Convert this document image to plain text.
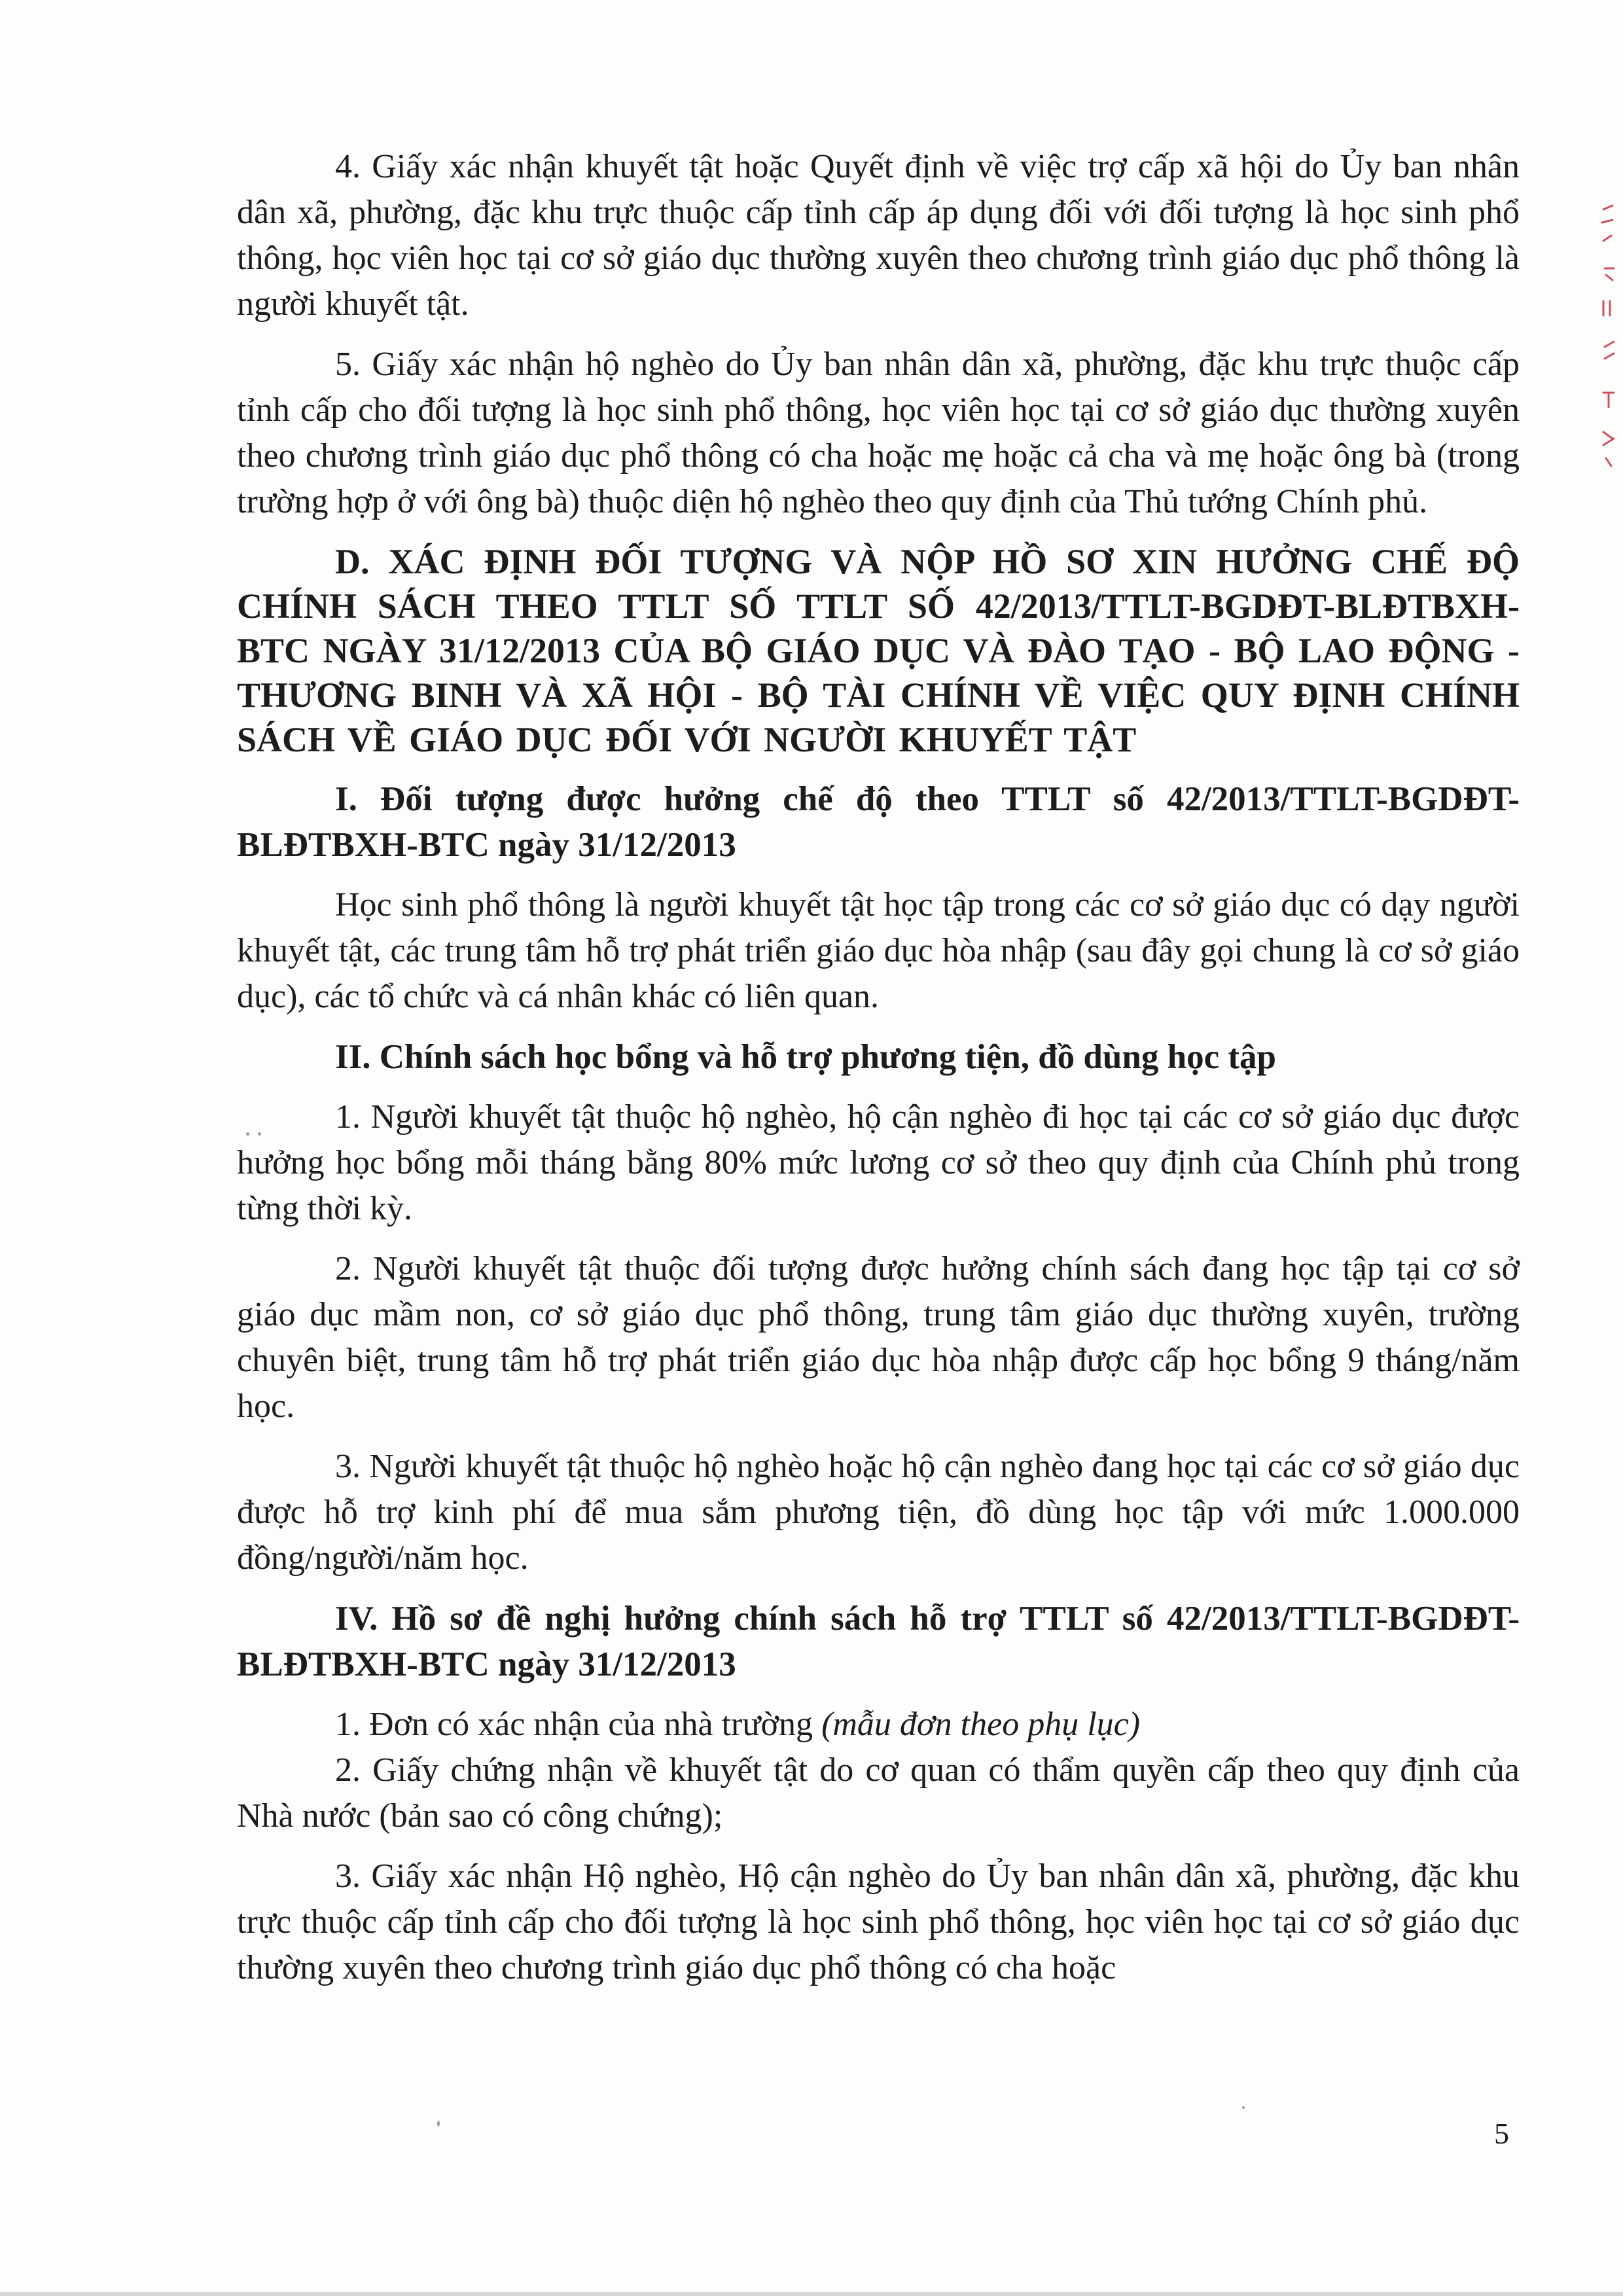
4. Giấy xác nhận khuyết tật hoặc Quyết định về việc trợ cấp xã hội do Ủy ban nhân dân xã, phường, đặc khu trực thuộc cấp tỉnh cấp áp dụng đối với đối tượng là học sinh phổ thông, học viên học tại cơ sở giáo dục thường xuyên theo chương trình giáo dục phổ thông là người khuyết tật.

5. Giấy xác nhận hộ nghèo do Ủy ban nhân dân xã, phường, đặc khu trực thuộc cấp tỉnh cấp cho đối tượng là học sinh phổ thông, học viên học tại cơ sở giáo dục thường xuyên theo chương trình giáo dục phổ thông có cha hoặc mẹ hoặc cả cha và mẹ hoặc ông bà (trong trường hợp ở với ông bà) thuộc diện hộ nghèo theo quy định của Thủ tướng Chính phủ.

D. XÁC ĐỊNH ĐỐI TƯỢNG VÀ NỘP HỒ SƠ XIN HƯỞNG CHẾ ĐỘ CHÍNH SÁCH THEO TTLT SỐ TTLT SỐ 42/2013/TTLT-BGDĐT-BLĐTBXH-BTC NGÀY 31/12/2013 CỦA BỘ GIÁO DỤC VÀ ĐÀO TẠO - BỘ LAO ĐỘNG - THƯƠNG BINH VÀ XÃ HỘI - BỘ TÀI CHÍNH VỀ VIỆC QUY ĐỊNH CHÍNH SÁCH VỀ GIÁO DỤC ĐỐI VỚI NGƯỜI KHUYẾT TẬT

I. Đối tượng được hưởng chế độ theo TTLT số 42/2013/TTLT-BGDĐT-BLĐTBXH-BTC ngày 31/12/2013

Học sinh phổ thông là người khuyết tật học tập trong các cơ sở giáo dục có dạy người khuyết tật, các trung tâm hỗ trợ phát triển giáo dục hòa nhập (sau đây gọi chung là cơ sở giáo dục), các tổ chức và cá nhân khác có liên quan.

II. Chính sách học bổng và hỗ trợ phương tiện, đồ dùng học tập

1. Người khuyết tật thuộc hộ nghèo, hộ cận nghèo đi học tại các cơ sở giáo dục được hưởng học bổng mỗi tháng bằng 80% mức lương cơ sở theo quy định của Chính phủ trong từng thời kỳ.

2. Người khuyết tật thuộc đối tượng được hưởng chính sách đang học tập tại cơ sở giáo dục mầm non, cơ sở giáo dục phổ thông, trung tâm giáo dục thường xuyên, trường chuyên biệt, trung tâm hỗ trợ phát triển giáo dục hòa nhập được cấp học bổng 9 tháng/năm học.

3. Người khuyết tật thuộc hộ nghèo hoặc hộ cận nghèo đang học tại các cơ sở giáo dục được hỗ trợ kinh phí để mua sắm phương tiện, đồ dùng học tập với mức 1.000.000 đồng/người/năm học.

IV. Hồ sơ đề nghị hưởng chính sách hỗ trợ TTLT số 42/2013/TTLT-BGDĐT-BLĐTBXH-BTC ngày 31/12/2013

1. Đơn có xác nhận của nhà trường (mẫu đơn theo phụ lục)

2. Giấy chứng nhận về khuyết tật do cơ quan có thẩm quyền cấp theo quy định của Nhà nước (bản sao có công chứng);

3. Giấy xác nhận Hộ nghèo, Hộ cận nghèo do Ủy ban nhân dân xã, phường, đặc khu trực thuộc cấp tỉnh cấp cho đối tượng là học sinh phổ thông, học viên học tại cơ sở giáo dục thường xuyên theo chương trình giáo dục phổ thông có cha hoặc

5
